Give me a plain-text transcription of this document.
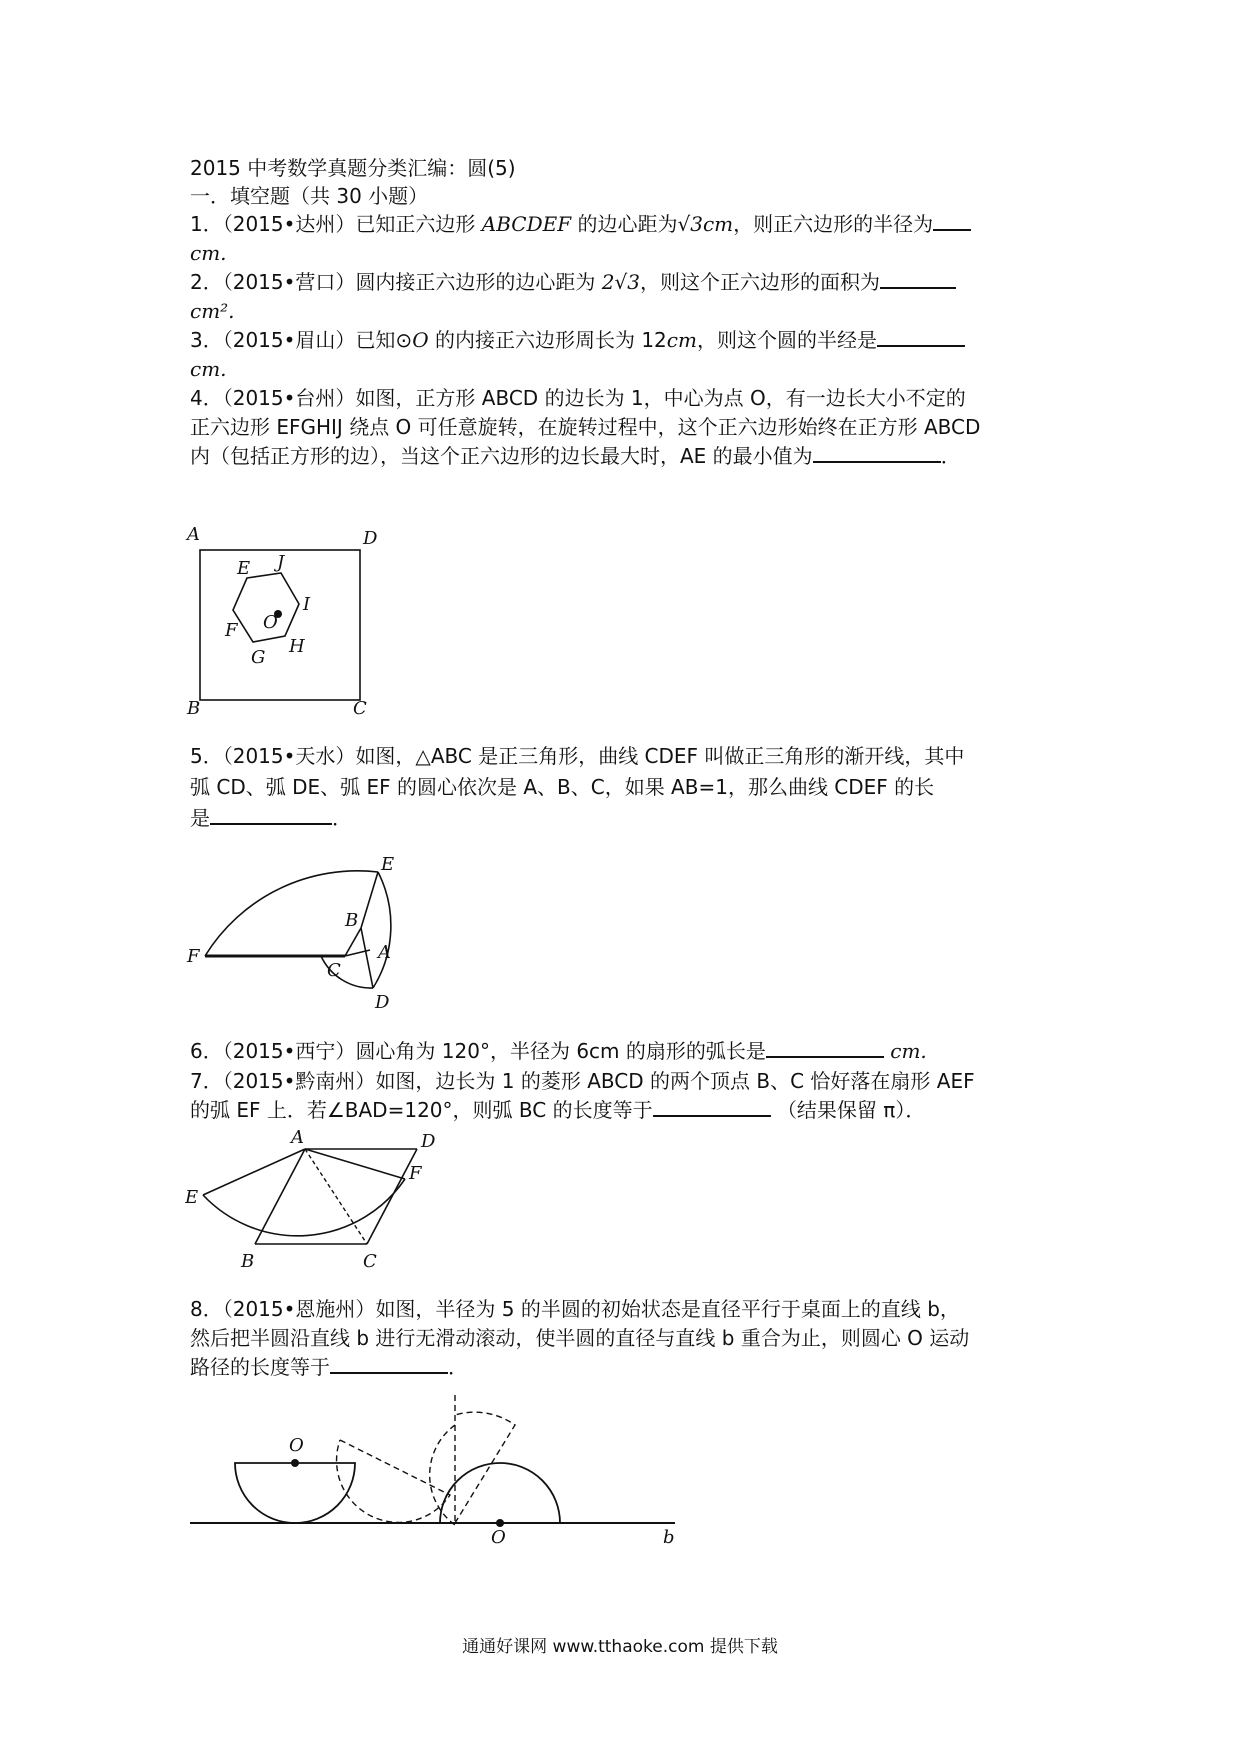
2015 中考数学真题分类汇编：圆(5)
一．填空题（共 30 小题）
1．（2015•达州）已知正六边形 ABCDEF 的边心距为√3cm，则正六边形的半径为
cm.
2．（2015•营口）圆内接正六边形的边心距为 2√3，则这个正六边形的面积为
cm².
3．（2015•眉山）已知⊙O 的内接正六边形周长为 12cm，则这个圆的半经是
cm.
4．（2015•台州）如图，正方形 ABCD 的边长为 1，中心为点 O，有一边长大小不定的
正六边形 EFGHIJ 绕点 O 可任意旋转，在旋转过程中，这个正六边形始终在正方形 ABCD
内（包括正方形的边），当这个正六边形的边长最大时，AE 的最小值为	．
A	D
B	C
E J
I
O
F
G
H
5．（2015•天水）如图，△ABC 是正三角形，曲线 CDEF 叫做正三角形的渐开线，其中
弧 CD、弧 DE、弧 EF 的圆心依次是 A、B、C，如果 AB=1，那么曲线 CDEF 的长
是	．
E
B
A
F
C
D
6．（2015•西宁）圆心角为 120°，半径为 6cm 的扇形的弧长是	cm.
7．（2015•黔南州）如图，边长为 1 的菱形 ABCD 的两个顶点 B、C 恰好落在扇形 AEF
的弧 EF 上．若∠BAD=120°，则弧 BC 的长度等于	（结果保留 π）．
A	D
E
F
B	C
8．（2015•恩施州）如图，半径为 5 的半圆的初始状态是直径平行于桌面上的直线 b，
然后把半圆沿直线 b 进行无滑动滚动，使半圆的直径与直线 b 重合为止，则圆心 O 运动
路径的长度等于	．
O
O	b
通通好课网 www.tthaoke.com 提供下载
